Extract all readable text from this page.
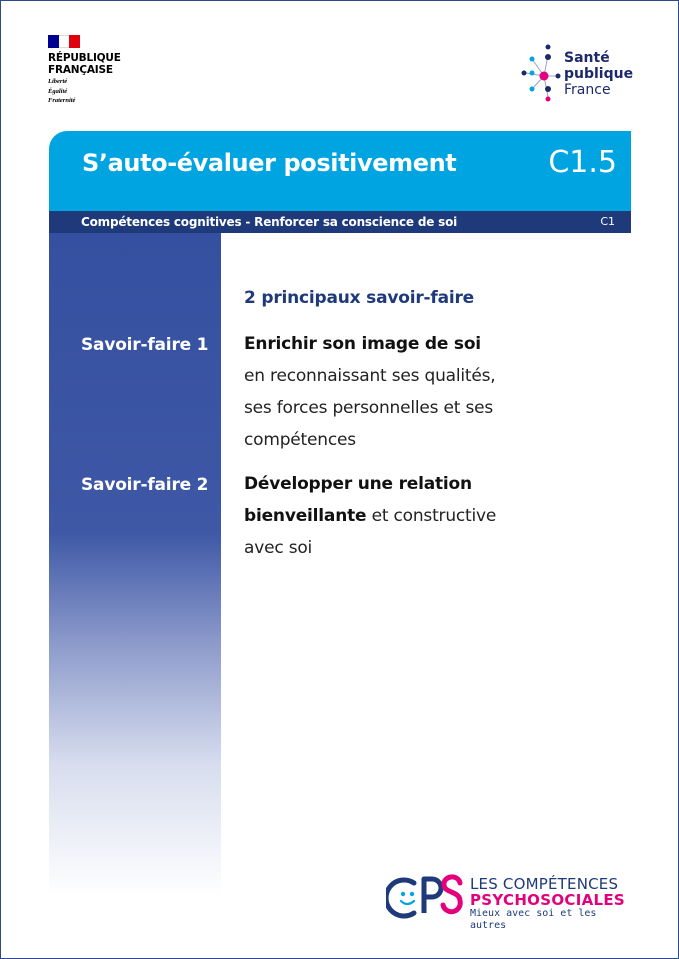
RÉPUBLIQUE
FRANÇAISE
Liberté
Égalité
Fraternité
Santé
publique
France
S’auto-évaluer positivement	C1.5
Compétences cognitives - Renforcer sa conscience de soi	C1
2 principaux savoir-faire
Savoir-faire 1 Enrichir son image de soi

en reconnaissant ses qualités, ses forces personnelles et ses compétences
Savoir-faire 2 Développer une relation bienveillante et constructive avec soi
LES COMPÉTENCES
PSYCHOSOCIALES
Mieux avec soi et les autres
